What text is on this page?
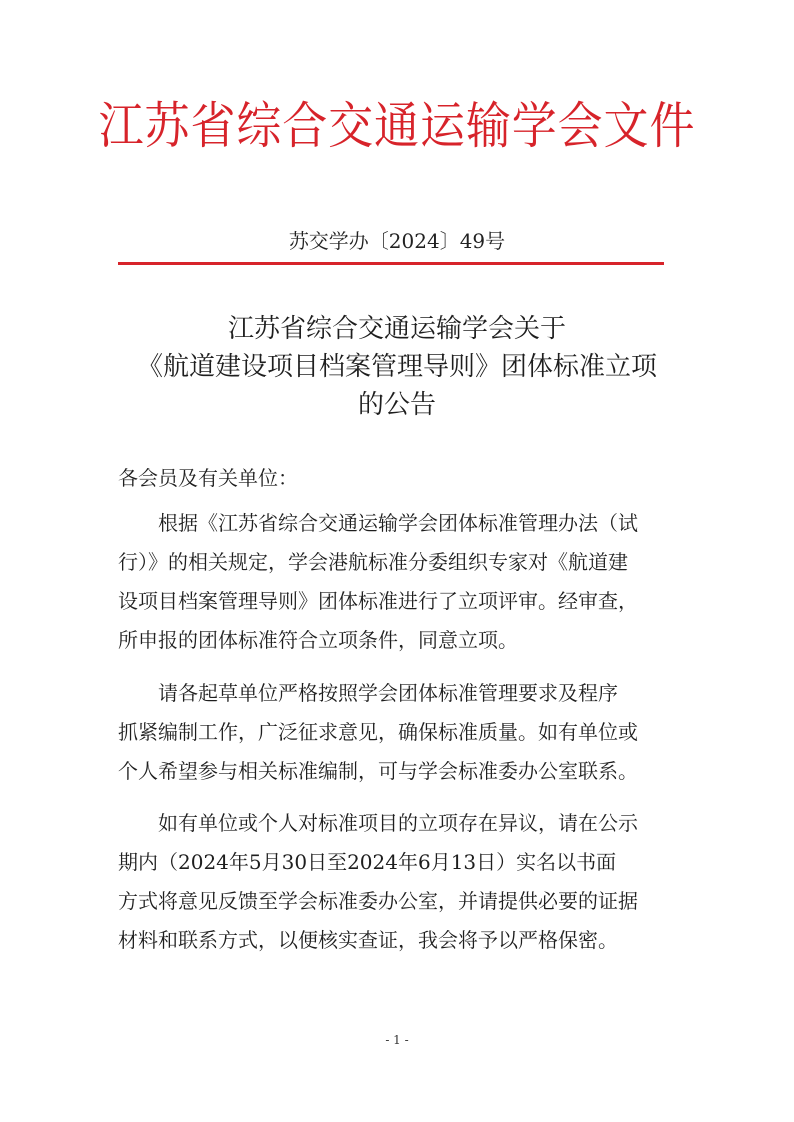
江苏省综合交通运输学会文件
苏交学办〔2024〕49号
江苏省综合交通运输学会关于
《航道建设项目档案管理导则》团体标准立项
的公告
各会员及有关单位：
根据《江苏省综合交通运输学会团体标准管理办法（试
行）》的相关规定，学会港航标准分委组织专家对《航道建
设项目档案管理导则》团体标准进行了立项评审。经审查，
所申报的团体标准符合立项条件，同意立项。
请各起草单位严格按照学会团体标准管理要求及程序
抓紧编制工作，广泛征求意见，确保标准质量。如有单位或
个人希望参与相关标准编制，可与学会标准委办公室联系。
如有单位或个人对标准项目的立项存在异议，请在公示
期内（2024年5月30日至2024年6月13日）实名以书面
方式将意见反馈至学会标准委办公室，并请提供必要的证据
材料和联系方式，以便核实查证，我会将予以严格保密。
- 1 -
